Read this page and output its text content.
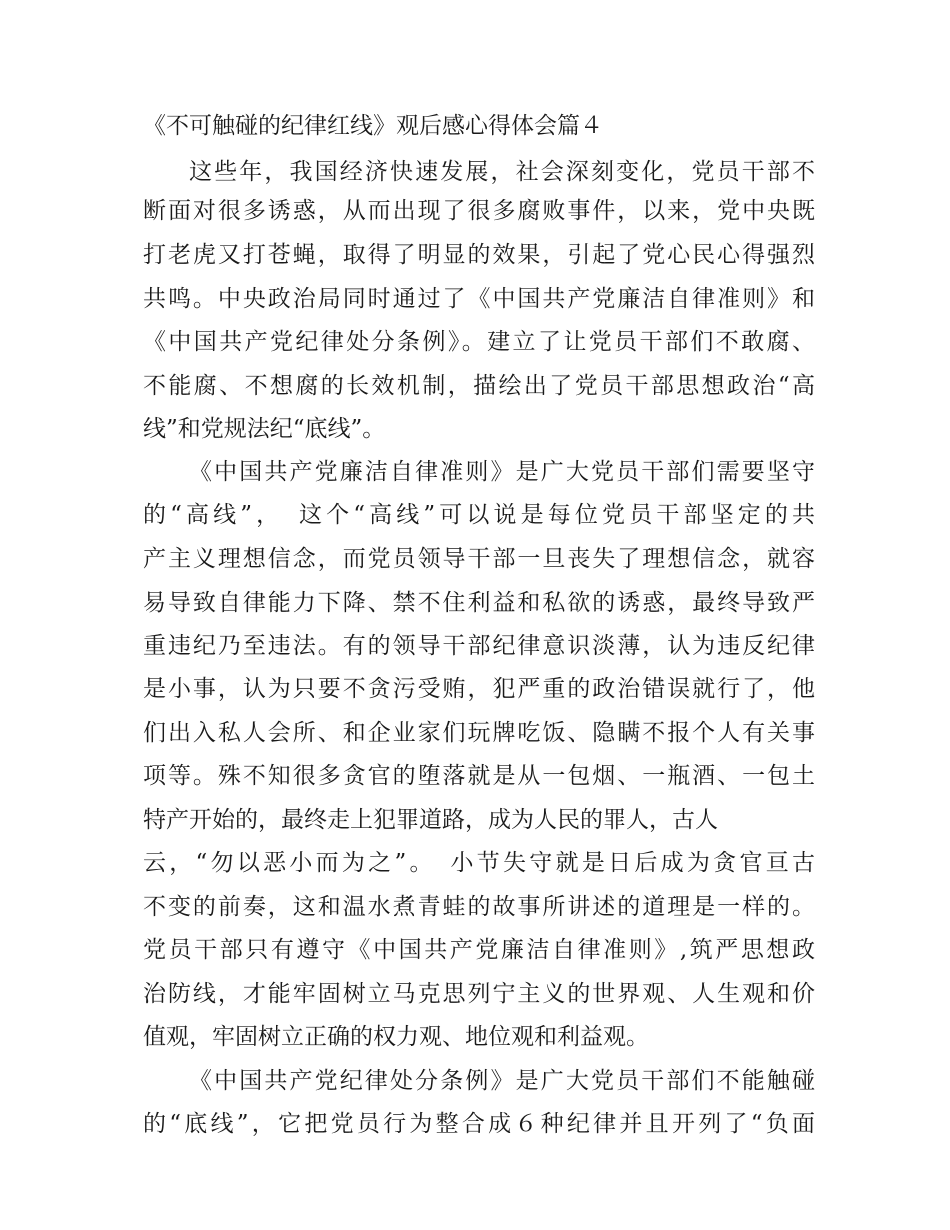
《不可触碰的纪律红线》观后感心得体会篇４

这些年，我国经济快速发展，社会深刻变化，党员干部不

断面对很多诱惑，从而出现了很多腐败事件，以来，党中央既

打老虎又打苍蝇，取得了明显的效果，引起了党心民心得强烈

共鸣。中央政治局同时通过了《中国共产党廉洁自律准则》和

《中国共产党纪律处分条例》。建立了让党员干部们不敢腐、

不能腐、不想腐的长效机制，描绘出了党员干部思想政治“高

线”和党规法纪“底线”。

《中国共产党廉洁自律准则》是广大党员干部们需要坚守

的“高线”，　这个“高线”可以说是每位党员干部坚定的共

产主义理想信念，而党员领导干部一旦丧失了理想信念，就容

易导致自律能力下降、禁不住利益和私欲的诱惑，最终导致严

重违纪乃至违法。有的领导干部纪律意识淡薄，认为违反纪律

是小事，认为只要不贪污受贿，犯严重的政治错误就行了，他

们出入私人会所、和企业家们玩牌吃饭、隐瞒不报个人有关事

项等。殊不知很多贪官的堕落就是从一包烟、一瓶酒、一包土

特产开始的，最终走上犯罪道路，成为人民的罪人，古人

云，“勿以恶小而为之”。　小节失守就是日后成为贪官亘古

不变的前奏，这和温水煮青蛙的故事所讲述的道理是一样的。

党员干部只有遵守《中国共产党廉洁自律准则》,筑严思想政

治防线，才能牢固树立马克思列宁主义的世界观、人生观和价

值观，牢固树立正确的权力观、地位观和利益观。

《中国共产党纪律处分条例》是广大党员干部们不能触碰

的“底线”，它把党员行为整合成６种纪律并且开列了“负面
